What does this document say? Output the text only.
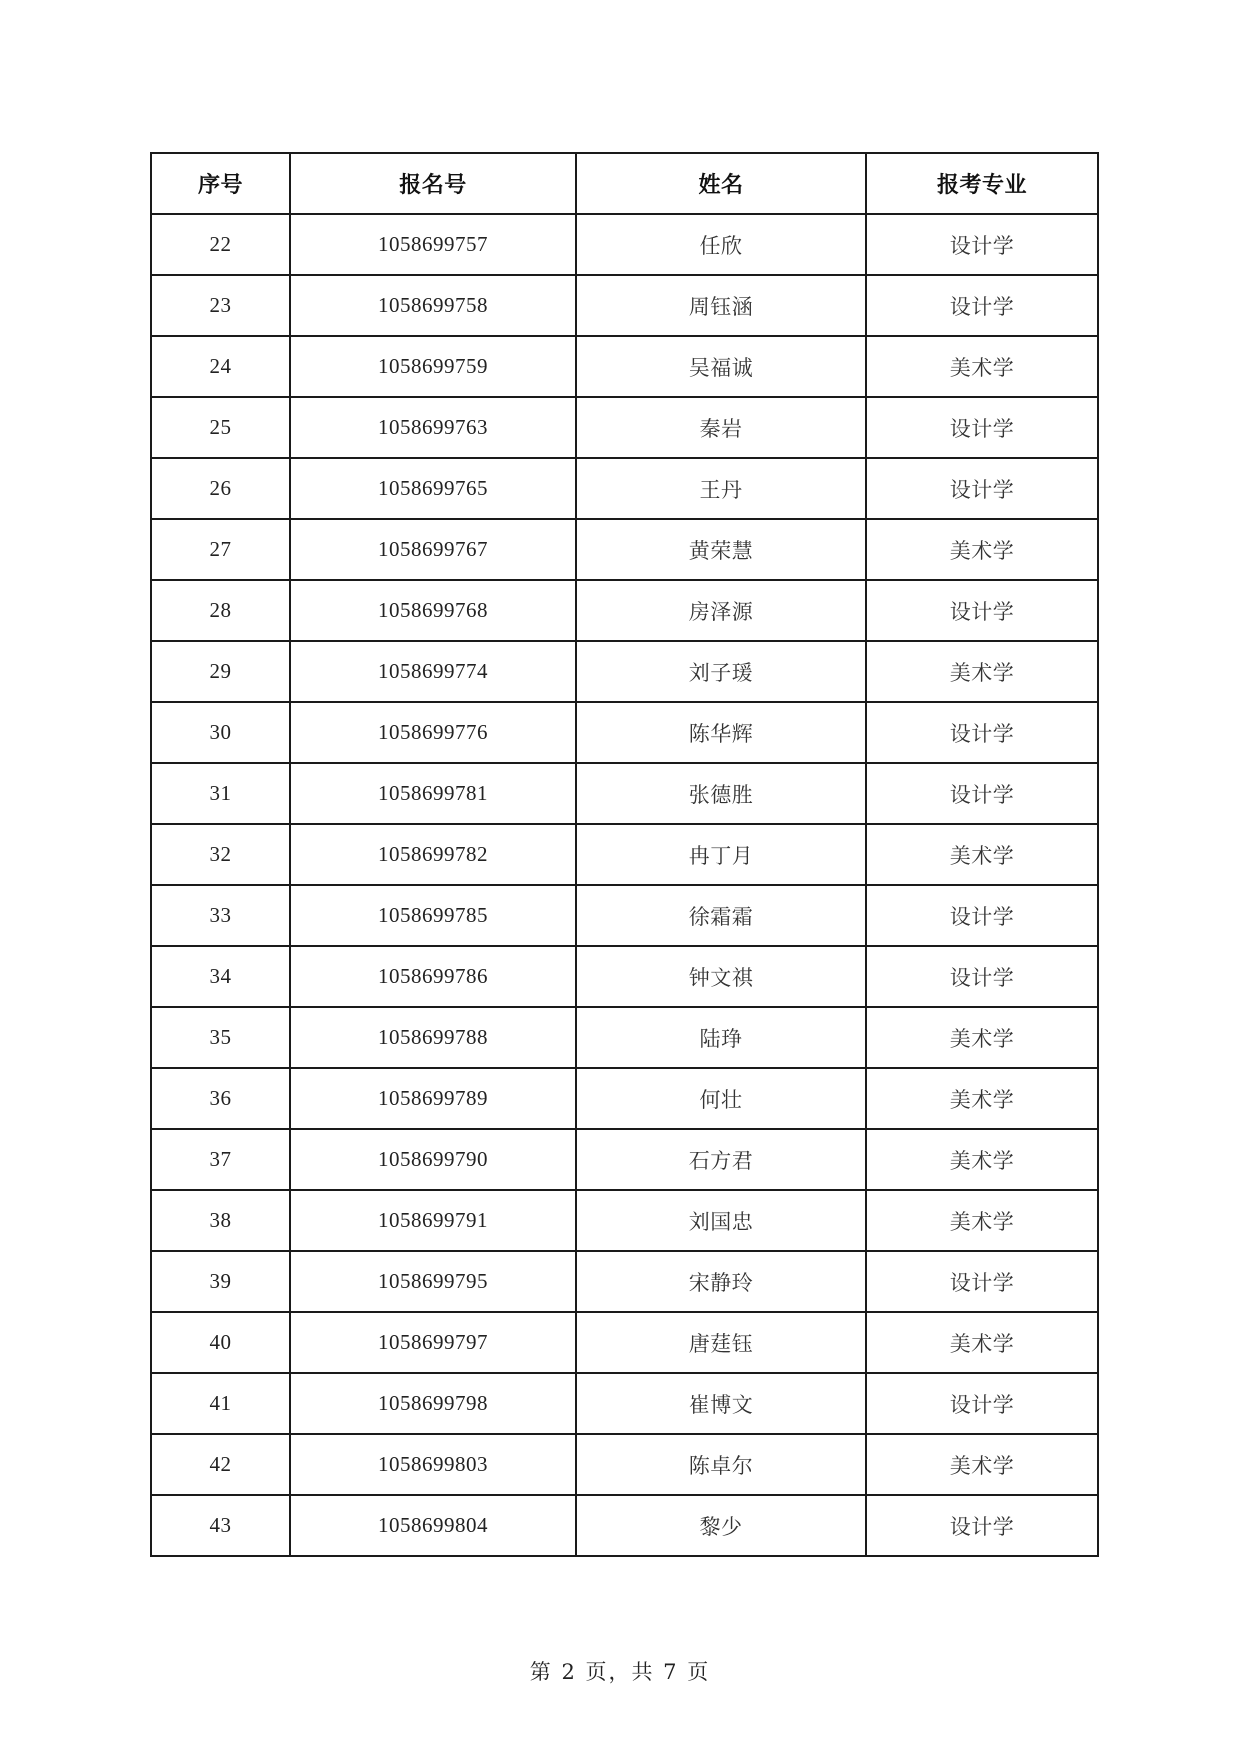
序号	报名号	姓名	报考专业
22	1058699757	任欣	设计学
23	1058699758	周钰涵	设计学
24	1058699759	吴福诚	美术学
25	1058699763	秦岩	设计学
26	1058699765	王丹	设计学
27	1058699767	黄荣慧	美术学
28	1058699768	房泽源	设计学
29	1058699774	刘子瑗	美术学
30	1058699776	陈华辉	设计学
31	1058699781	张德胜	设计学
32	1058699782	冉丁月	美术学
33	1058699785	徐霜霜	设计学
34	1058699786	钟文祺	设计学
35	1058699788	陆琤	美术学
36	1058699789	何壮	美术学
37	1058699790	石方君	美术学
38	1058699791	刘国忠	美术学
39	1058699795	宋静玲	设计学
40	1058699797	唐莛钰	美术学
41	1058699798	崔博文	设计学
42	1058699803	陈卓尔	美术学
43	1058699804	黎少	设计学
第 2 页，共 7 页
